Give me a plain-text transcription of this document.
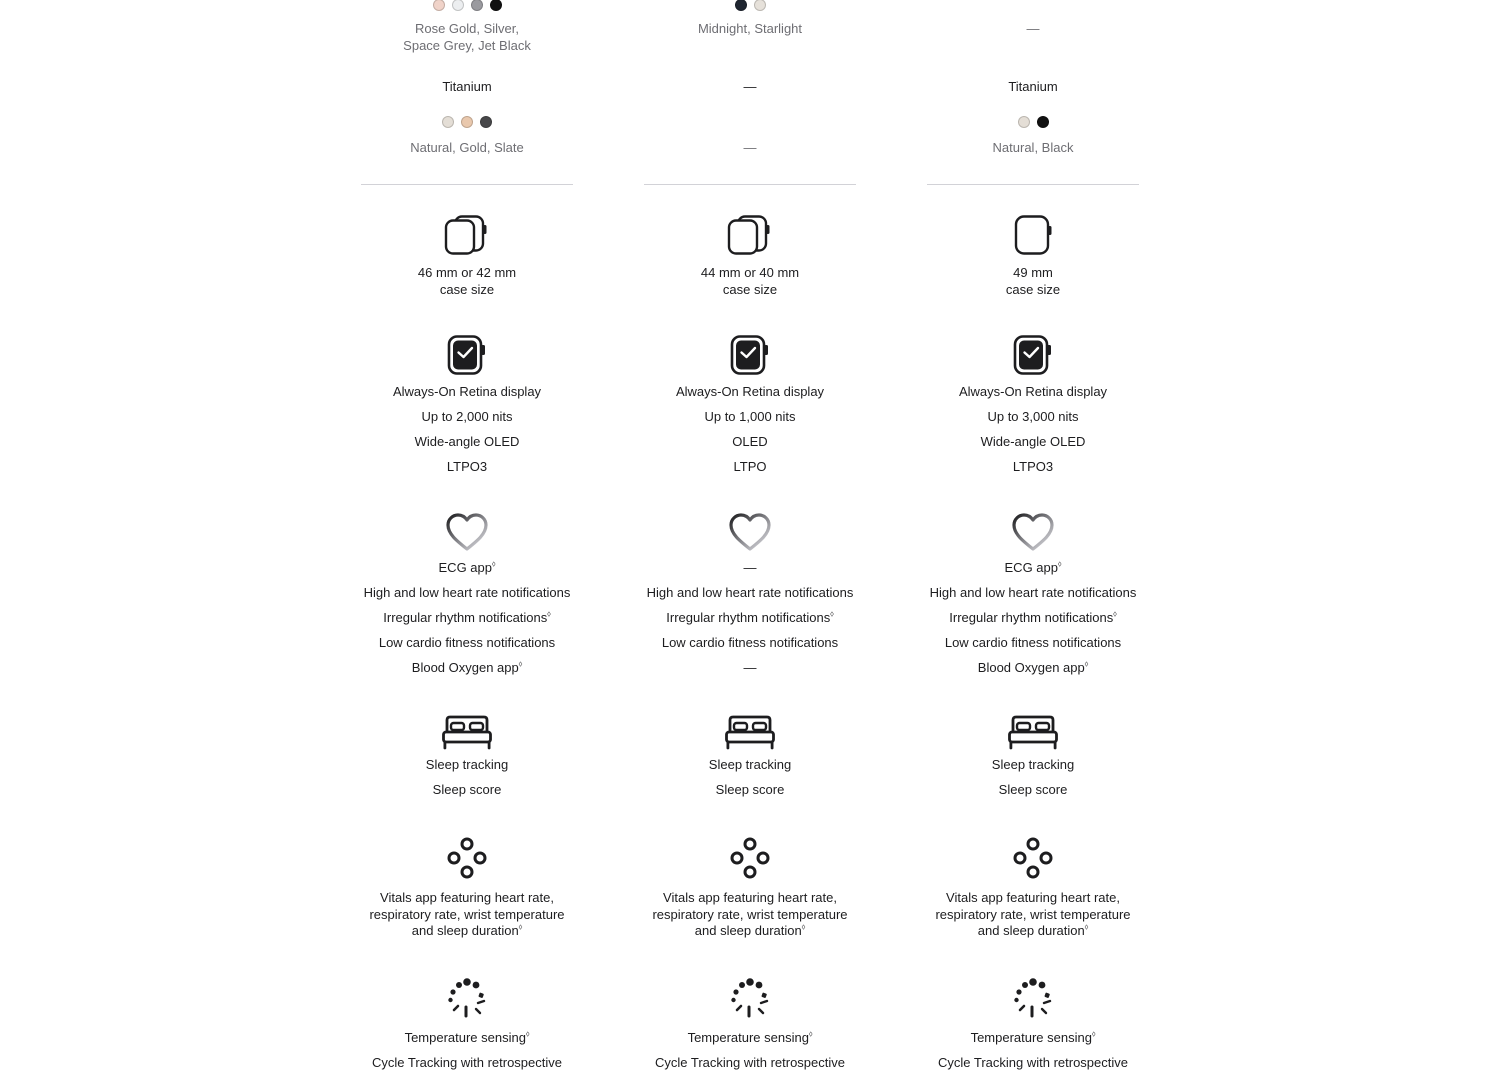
Rose Gold, Silver,
Space Grey, Jet Black
Titanium
Natural, Gold, Slate
46 mm or 42 mm
case size
Always-On Retina display
Up to 2,000 nits
Wide-angle OLED
LTPO3
ECG app◊
High and low heart rate notifications
Irregular rhythm notifications◊
Low cardio fitness notifications
Blood Oxygen app◊
Sleep tracking
Sleep score
Vitals app featuring heart rate, respiratory rate, wrist temperature and sleep duration◊
Temperature sensing◊
Cycle Tracking with retrospective
Midnight, Starlight
—
—
44 mm or 40 mm
case size
Always-On Retina display
Up to 1,000 nits
OLED
LTPO
—
High and low heart rate notifications
Irregular rhythm notifications◊
Low cardio fitness notifications
—
Sleep tracking
Sleep score
Vitals app featuring heart rate, respiratory rate, wrist temperature and sleep duration◊
Temperature sensing◊
Cycle Tracking with retrospective
—
Titanium
Natural, Black
49 mm
case size
Always-On Retina display
Up to 3,000 nits
Wide-angle OLED
LTPO3
ECG app◊
High and low heart rate notifications
Irregular rhythm notifications◊
Low cardio fitness notifications
Blood Oxygen app◊
Sleep tracking
Sleep score
Vitals app featuring heart rate, respiratory rate, wrist temperature and sleep duration◊
Temperature sensing◊
Cycle Tracking with retrospective
